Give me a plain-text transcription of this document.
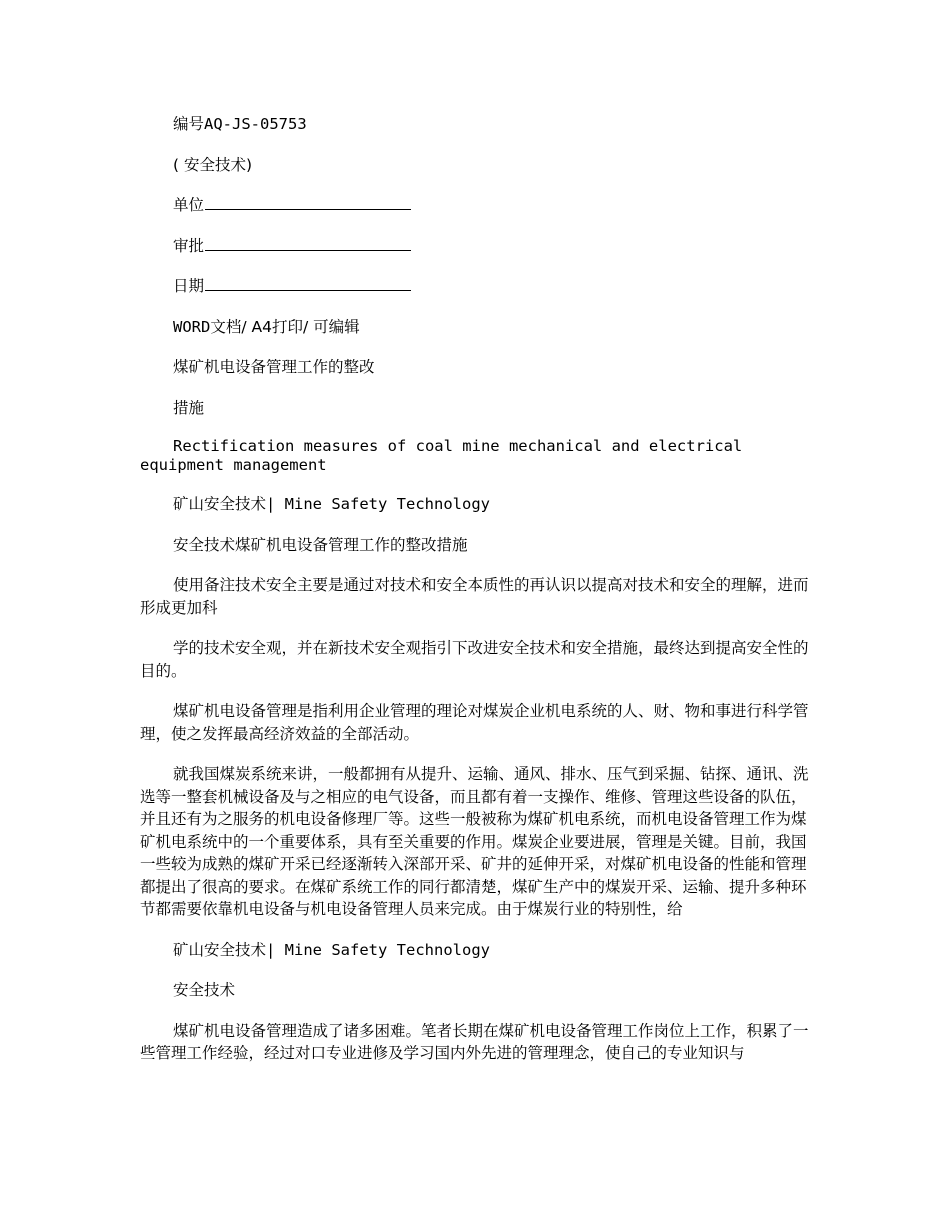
编号AQ-JS-05753

( 安全技术)

单位

审批

日期

WORD文档/ A4打印/ 可编辑

煤矿机电设备管理工作的整改

措施

Rectification measures of coal mine mechanical and electrical equipment management

矿山安全技术| Mine Safety Technology

安全技术煤矿机电设备管理工作的整改措施

使用备注技术安全主要是通过对技术和安全本质性的再认识以提高对技术和安全的理解，进而形成更加科

学的技术安全观，并在新技术安全观指引下改进安全技术和安全措施，最终达到提高安全性的目的。

煤矿机电设备管理是指利用企业管理的理论对煤炭企业机电系统的人、财、物和事进行科学管理，使之发挥最高经济效益的全部活动。

就我国煤炭系统来讲，一般都拥有从提升、运输、通风、排水、压气到采掘、钻探、通讯、洗选等一整套机械设备及与之相应的电气设备，而且都有着一支操作、维修、管理这些设备的队伍，并且还有为之服务的机电设备修理厂等。这些一般被称为煤矿机电系统，而机电设备管理工作为煤矿机电系统中的一个重要体系，具有至关重要的作用。煤炭企业要进展，管理是关键。目前，我国一些较为成熟的煤矿开采已经逐渐转入深部开采、矿井的延伸开采，对煤矿机电设备的性能和管理都提出了很高的要求。在煤矿系统工作的同行都清楚，煤矿生产中的煤炭开采、运输、提升多种环节都需要依靠机电设备与机电设备管理人员来完成。由于煤炭行业的特别性，给

矿山安全技术| Mine Safety Technology

安全技术

煤矿机电设备管理造成了诸多困难。笔者长期在煤矿机电设备管理工作岗位上工作，积累了一些管理工作经验，经过对口专业进修及学习国内外先进的管理理念，使自己的专业知识与
